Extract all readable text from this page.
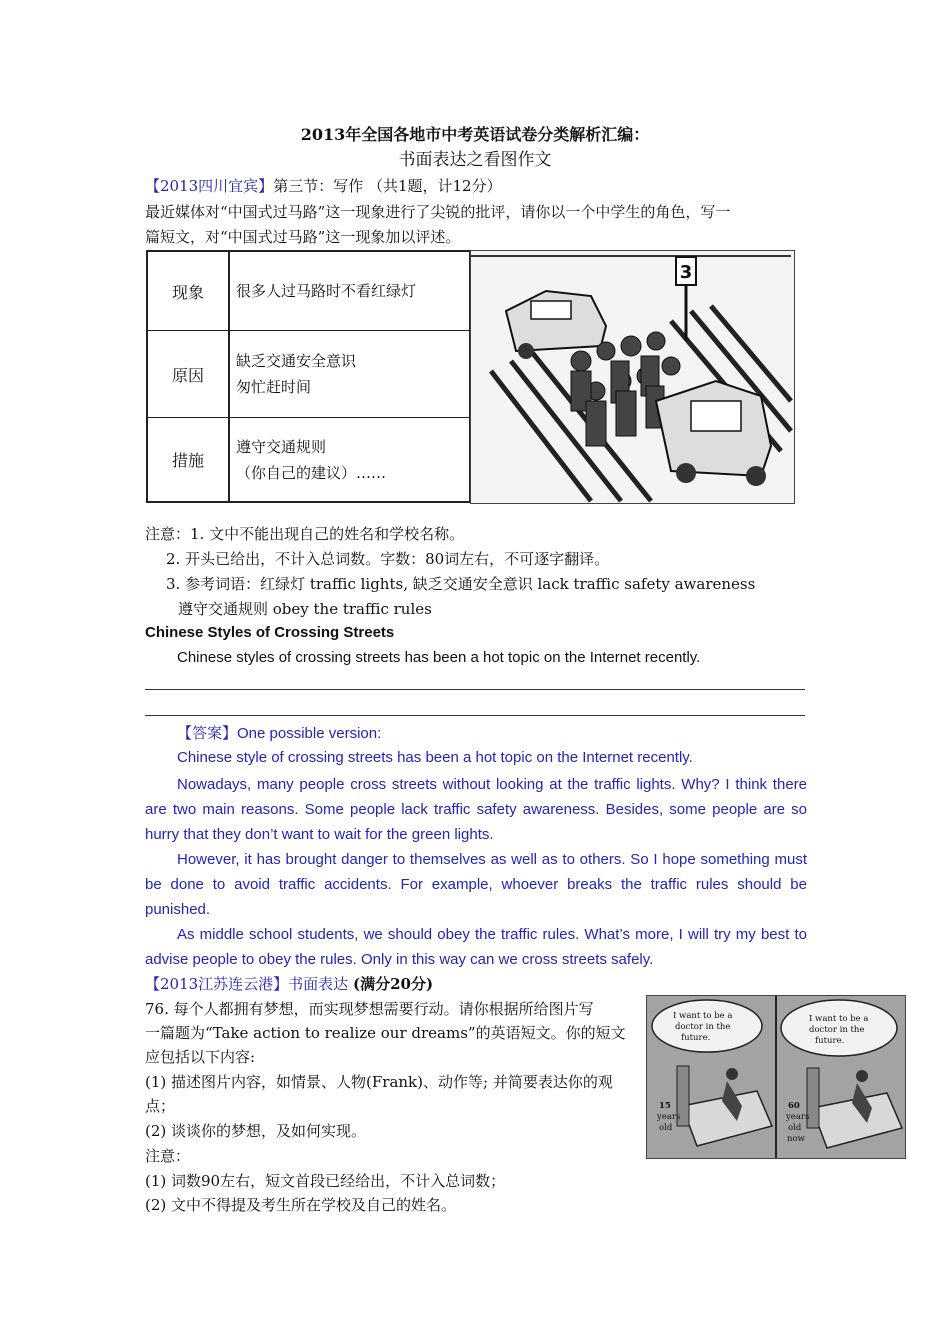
2013年全国各地市中考英语试卷分类解析汇编：
书面表达之看图作文
【2013四川宜宾】第三节：写作 （共1题，计12分）
最近媒体对“中国式过马路”这一现象进行了尖锐的批评，请你以一个中学生的角色，写一
篇短文，对“中国式过马路”这一现象加以评述。
现象	很多人过马路时不看红绿灯
原因
缺乏交通安全意识
匆忙赶时间
措施
遵守交通规则
（你自己的建议）……
3
注意：1. 文中不能出现自己的姓名和学校名称。
2. 开头已给出，不计入总词数。字数：80词左右，不可逐字翻译。
3. 参考词语：红绿灯 traffic lights, 缺乏交通安全意识 lack traffic safety awareness
遵守交通规则 obey the traffic rules
Chinese Styles of Crossing Streets
Chinese styles of crossing streets has been a hot topic on the Internet recently.
【答案】One possible version:
Chinese style of crossing streets has been a hot topic on the Internet recently.
Nowadays, many people cross streets without looking at the traffic lights. Why? I think there are two main reasons. Some people lack traffic safety awareness. Besides, some people are so hurry that they don’t want to wait for the green lights.
However, it has brought danger to themselves as well as to others. So I hope something must be done to avoid traffic accidents. For example, whoever breaks the traffic rules should be punished.
As middle school students, we should obey the traffic rules. What’s more, I will try my best to advise people to obey the rules. Only in this way can we cross streets safely.
【2013江苏连云港】书面表达 (满分20分)
76. 每个人都拥有梦想，而实现梦想需要行动。请你根据所给图片写
一篇题为“Take action to realize our dreams”的英语短文。你的短文
应包括以下内容:
(1) 描述图片内容，如情景、人物(Frank)、动作等; 并简要表达你的观
点；
(2) 谈谈你的梦想，及如何实现。
注意：
(1) 词数90左右，短文首段已经给出，不计入总词数；
(2) 文中不得提及考生所在学校及自己的姓名。
I want to be a
doctor in the
future.
I want to be a
doctor in the
future.
15
years
old
60
years
old
now
